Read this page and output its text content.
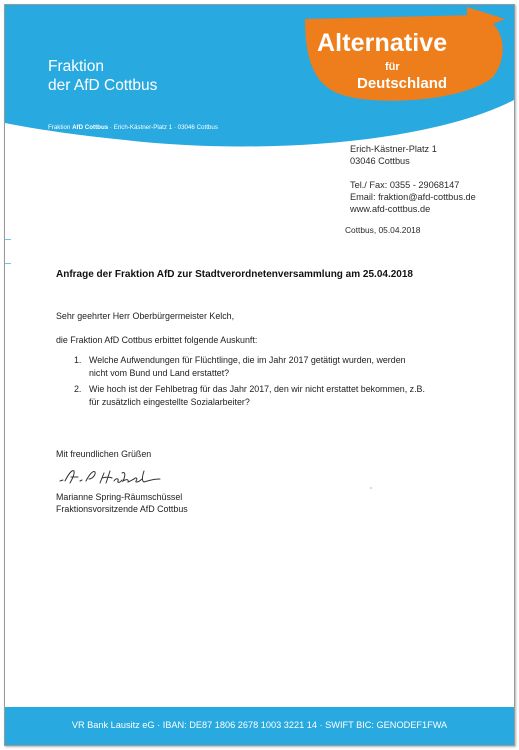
Fraktion
der AfD Cottbus
Fraktion AfD Cottbus · Erich-Kästner-Platz 1 · 03046 Cottbus
Alternative
für
Deutschland
Erich-Kästner-Platz 1
03046 Cottbus
Tel./ Fax: 0355 - 29068147
Email: fraktion@afd-cottbus.de
www.afd-cottbus.de
Cottbus, 05.04.2018
Anfrage der Fraktion AfD zur Stadtverordnetenversammlung am 25.04.2018
Sehr geehrter Herr Oberbürgermeister Kelch,
die Fraktion AfD Cottbus erbittet folgende Auskunft:
1. Welche Aufwendungen für Flüchtlinge, die im Jahr 2017 getätigt wurden, werden
nicht vom Bund und Land erstattet?
2. Wie hoch ist der Fehlbetrag für das Jahr 2017, den wir nicht erstattet bekommen, z.B.
für zusätzlich eingestellte Sozialarbeiter?
Mit freundlichen Grüßen
Marianne Spring-Räumschüssel
Fraktionsvorsitzende AfD Cottbus
VR Bank Lausitz eG · IBAN: DE87 1806 2678 1003 3221 14 · SWIFT BIC: GENODEF1FWA
